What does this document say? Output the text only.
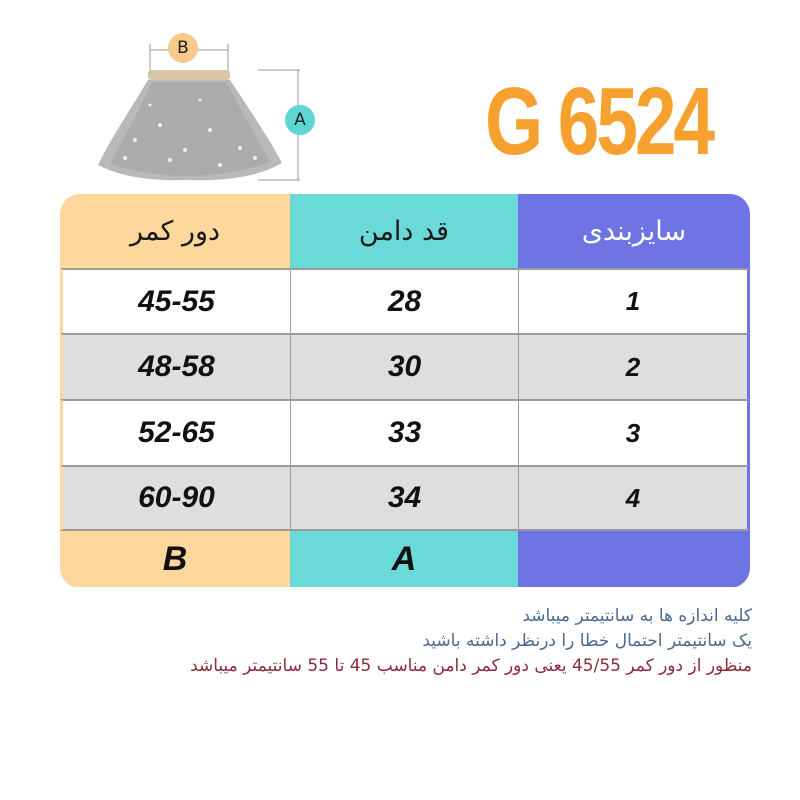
B
A G 6524
دور کمر	قد دامن	سایزبندی
45-55	28	1
48-58	30	2
52-65	33	3
60-90	34	4
B	A
کلیه اندازه ها به سانتیمتر میباشد
یک سانتیمتر احتمال خطا را درنظر داشته باشید
منظور از دور کمر 45/55 یعنی دور کمر دامن مناسب 45 تا 55 سانتیمتر میباشد
